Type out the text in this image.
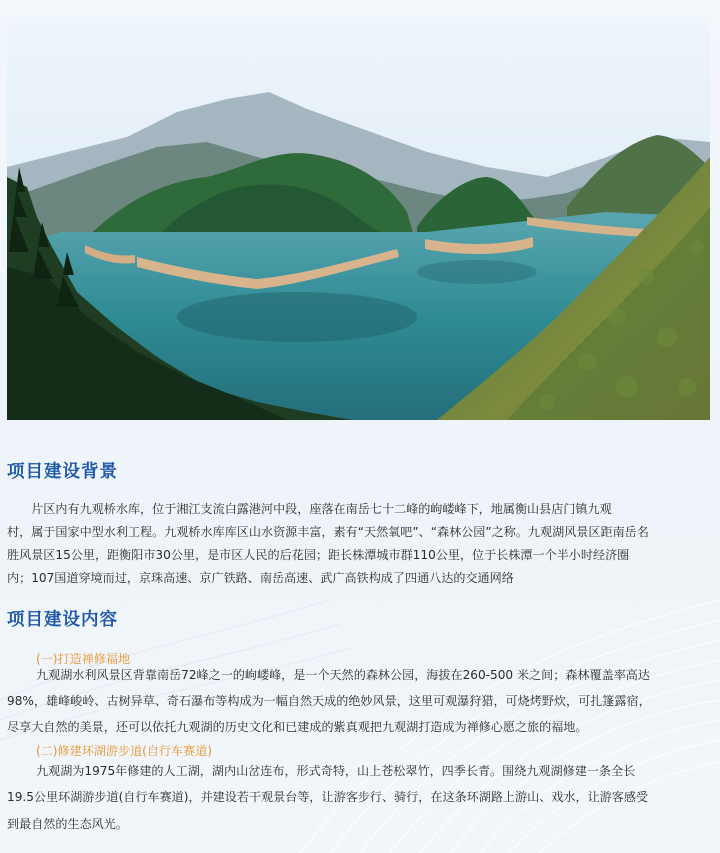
项目建设背景

　　片区内有九观桥水库，位于湘江支流白露港河中段，座落在南岳七十二峰的岣嵝峰下，地属衡山县店门镇九观

村，属于国家中型水利工程。九观桥水库库区山水资源丰富，素有“天然氧吧”、“森林公园”之称。九观湖风景区距南岳名

胜风景区15公里，距衡阳市30公里，是市区人民的后花园；距长株潭城市群110公里，位于长株潭一个半小时经济圈

内；107国道穿境而过，京珠高速、京广铁路、南岳高速、武广高铁构成了四通八达的交通网络

项目建设内容

(一)打造禅修福地

九观湖水利风景区背靠南岳72峰之一的岣嵝峰，是一个天然的森林公园，海拔在260-500 米之间；森林覆盖率高达

98%，雄峰峻岭、古树异草、奇石瀑布等构成为一幅自然天成的绝妙风景，这里可观瀑狩猎，可烧烤野炊，可扎篷露宿，

尽享大自然的美景，还可以依托九观湖的历史文化和已建成的紫真观把九观湖打造成为禅修心愿之旅的福地。

(二)修建环湖游步道(自行车赛道)

九观湖为1975年修建的人工湖，湖内山岔连布，形式奇特，山上苍松翠竹，四季长青。围绕九观湖修建一条全长

19.5公里环湖游步道(自行车赛道)，并建设若干观景台等，让游客步行、骑行，在这条环湖路上游山、戏水，让游客感受

到最自然的生态风光。
